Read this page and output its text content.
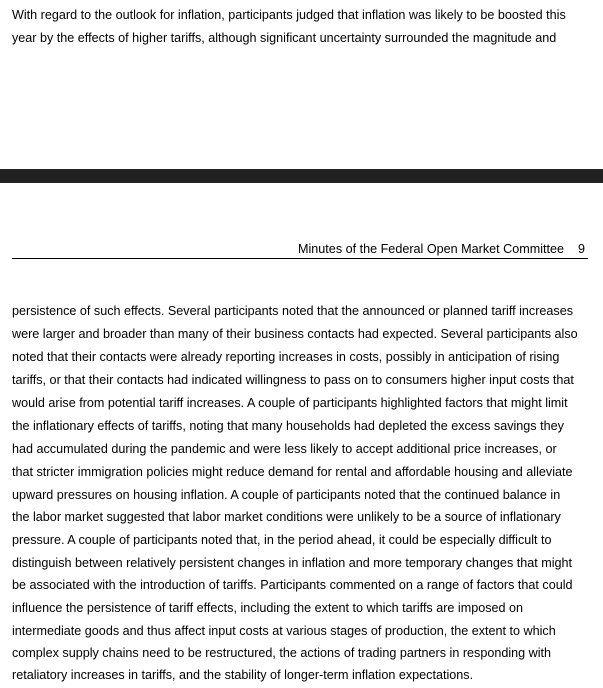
With regard to the outlook for inflation, participants judged that inflation was likely to be boosted this
year by the effects of higher tariffs, although significant uncertainty surrounded the magnitude and
Minutes of the Federal Open Market Committee 9
persistence of such effects. Several participants noted that the announced or planned tariff increases
were larger and broader than many of their business contacts had expected. Several participants also
noted that their contacts were already reporting increases in costs, possibly in anticipation of rising
tariffs, or that their contacts had indicated willingness to pass on to consumers higher input costs that
would arise from potential tariff increases. A couple of participants highlighted factors that might limit
the inflationary effects of tariffs, noting that many households had depleted the excess savings they
had accumulated during the pandemic and were less likely to accept additional price increases, or
that stricter immigration policies might reduce demand for rental and affordable housing and alleviate
upward pressures on housing inflation. A couple of participants noted that the continued balance in
the labor market suggested that labor market conditions were unlikely to be a source of inflationary
pressure. A couple of participants noted that, in the period ahead, it could be especially difficult to
distinguish between relatively persistent changes in inflation and more temporary changes that might
be associated with the introduction of tariffs. Participants commented on a range of factors that could
influence the persistence of tariff effects, including the extent to which tariffs are imposed on
intermediate goods and thus affect input costs at various stages of production, the extent to which
complex supply chains need to be restructured, the actions of trading partners in responding with
retaliatory increases in tariffs, and the stability of longer-term inflation expectations.
